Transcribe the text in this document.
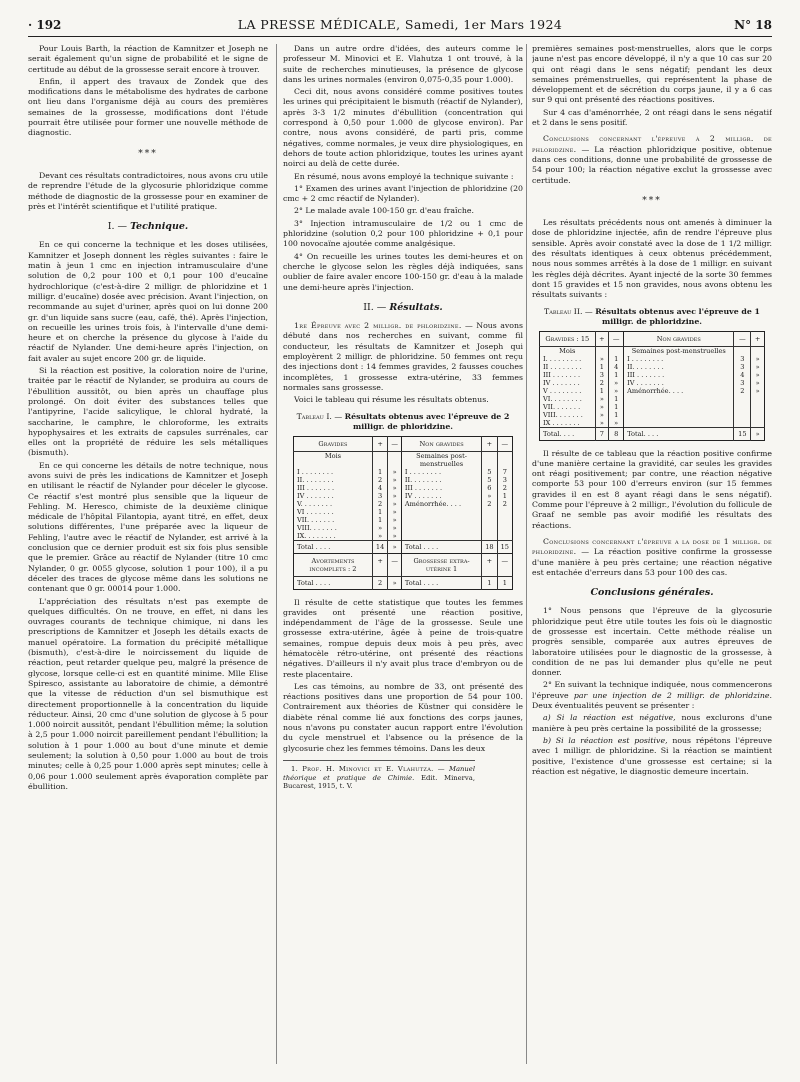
· 192	LA PRESSE MÉDICALE, Samedi, 1er Mars 1924	N° 18

Pour Louis Barth, la réaction de Kamnitzer et Joseph ne serait également qu'un signe de probabilité et le signe de certitude au début de la grossesse serait encore à trouver.

Enfin, il appert des travaux de Zondek que des modifications dans le métabolisme des hydrates de carbone ont lieu dans l'organisme déjà au cours des premières semaines de la grossesse, modifications dont l'étude pourrait être utilisée pour former une nouvelle méthode de diagnostic.

***

Devant ces résultats contradictoires, nous avons cru utile de reprendre l'étude de la glycosurie phloridzique comme méthode de diagnostic de la grossesse pour en examiner de près et l'intérêt scientifique et l'utilité pratique.

I. — Technique.

En ce qui concerne la technique et les doses utilisées, Kamnitzer et Joseph donnent les règles suivantes : faire le matin à jeun 1 cmc en injection intramusculaire d'une solution de 0,2 pour 100 et 0,1 pour 100 d'eucaïne hydrochlorique (c'est-à-dire 2 milligr. de phloridzine et 1 milligr. d'eucaïne) dosée avec précision. Avant l'injection, on recommande au sujet d'uriner, après quoi on lui donne 200 gr. d'un liquide sans sucre (eau, café, thé). Après l'injection, on recueille les urines trois fois, à l'intervalle d'une demi-heure et on cherche la présence du glycose à l'aide du réactif de Nylander. Une demi-heure après l'injection, on fait avaler au sujet encore 200 gr. de liquide.

Si la réaction est positive, la coloration noire de l'urine, traitée par le réactif de Nylander, se produira au cours de l'ébullition aussitôt, ou bien après un chauffage plus prolongé. On doit éviter des substances telles que l'antipyrine, l'acide salicylique, le chloral hydraté, la saccharine, le camphre, le chloroforme, les extraits hypophysaires et les extraits de capsules surrénales, car elles ont la propriété de réduire les sels métalliques (bismuth).

En ce qui concerne les détails de notre technique, nous avons suivi de près les indications de Kamnitzer et Joseph en utilisant le réactif de Nylander pour déceler le glycose. Ce réactif s'est montré plus sensible que la liqueur de Fehling. M. Heresco, chimiste de la deuxième clinique médicale de l'hôpital Filantopia, ayant titré, en effet, deux solutions différentes, l'une préparée avec la liqueur de Fehling, l'autre avec le réactif de Nylander, est arrivé à la conclusion que ce dernier produit est six fois plus sensible que le premier. Grâce au réactif de Nylander (titre 10 cmc Nylander, 0 gr. 0055 glycose, solution 1 pour 100), il a pu déceler des traces de glycose même dans les solutions ne contenant que 0 gr. 00014 pour 1.000.

L'appréciation des résultats n'est pas exempte de quelques difficultés. On ne trouve, en effet, ni dans les ouvrages courants de technique chimique, ni dans les prescriptions de Kamnitzer et Joseph les détails exacts de manuel opératoire. La formation du précipité métallique (bismuth), c'est-à-dire le noircissement du liquide de réaction, peut retarder quelque peu, malgré la présence de glycose, lorsque celle-ci est en quantité minime. Mlle Elise Spiresco, assistante au laboratoire de chimie, a démontré que la vitesse de réduction d'un sel bismuthique est directement proportionnelle à la concentration du liquide réducteur. Ainsi, 20 cmc d'une solution de glycose à 5 pour 1.000 noircit aussitôt, pendant l'ébullition même; la solution à 2,5 pour 1.000 noircit pareillement pendant l'ébullition; la solution à 1 pour 1.000 au bout d'une minute et demie seulement; la solution à 0,50 pour 1.000 au bout de trois minutes; celle à 0,25 pour 1.000 après sept minutes; celle à 0,06 pour 1.000 seulement après évaporation complète par ébullition.

Dans un autre ordre d'idées, des auteurs comme le professeur M. Minovici et E. Vlahutza 1 ont trouvé, à la suite de recherches minutieuses, la présence de glycose dans les urines normales (environ 0,075-0,35 pour 1.000).

Ceci dit, nous avons considéré comme positives toutes les urines qui précipitaient le bismuth (réactif de Nylander), après 3-3 1/2 minutes d'ébullition (concentration qui correspond à 0,50 pour 1.000 de glycose environ). Par contre, nous avons considéré, de parti pris, comme négatives, comme normales, je veux dire physiologiques, en dehors de toute action phloridzique, toutes les urines ayant noirci au delà de cette durée.

En résumé, nous avons employé la technique suivante :

1° Examen des urines avant l'injection de phloridzine (20 cmc + 2 cmc réactif de Nylander).

2° Le malade avale 100-150 gr. d'eau fraîche.

3° Injection intramusculaire de 1/2 ou 1 cmc de phloridzine (solution 0,2 pour 100 phloridzine + 0,1 pour 100 novocaïne ajoutée comme analgésique.

4° On recueille les urines toutes les demi-heures et on cherche le glycose selon les règles déjà indiquées, sans oublier de faire avaler encore 100-150 gr. d'eau à la malade une demi-heure après l'injection.

II. — Résultats.

1re Épreuve avec 2 milligr. de phloridzine. — Nous avons débuté dans nos recherches en suivant, comme fil conducteur, les résultats de Kamnitzer et Joseph qui employèrent 2 milligr. de phloridzine. 50 femmes ont reçu des injections dont : 14 femmes gravides, 2 fausses couches incomplètes, 1 grossesse extra-utérine, 33 femmes normales sans grossesse.

Voici le tableau qui résume les résultats obtenus.

Tableau I. — Résultats obtenus avec l'épreuve de 2 milligr. de phloridzine.
Gravides	+	—	Non gravides	+	—
Mois			Semaines post-menstruelles		
I . . . . . . . .	1	»	I . . . . . . . .	5	7
II. . . . . . . .	2	»	II. . . . . . . .	5	3
III . . . . . . .	4	»	III . . . . . . .	6	2
IV . . . . . . .	3	»	IV . . . . . . .	»	1
V. . . . . . . .	2	»	Aménorrhée. . . .	2	2
VI . . . . . . .	1	»			
VII. . . . . . .	1	»			
VIII. . . . . . .	»	»			
IX. . . . . . . .	»	»			
Total . . . .	14	»	Total . . . .	18	15
Avortements incomplets : 2	+	—	Grossesse extra-utérine 1	+	—
Total . . . .	2	»	Total . . . .	1	1

Il résulte de cette statistique que toutes les femmes gravides ont présenté une réaction positive, indépendamment de l'âge de la grossesse. Seule une grossesse extra-utérine, âgée à peine de trois-quatre semaines, rompue depuis deux mois à peu près, avec hématocèle rétro-utérine, ont présenté des réactions négatives. D'ailleurs il n'y avait plus trace d'embryon ou de reste placentaire.

Les cas témoins, au nombre de 33, ont présenté des réactions positives dans une proportion de 54 pour 100. Contrairement aux théories de Küstner qui considère le diabète rénal comme lié aux fonctions des corps jaunes, nous n'avons pu constater aucun rapport entre l'évolution du cycle menstruel et l'absence ou la présence de la glycosurie chez les femmes témoins. Dans les deux

1. Prof. H. Minovici et E. Vlahutza. — Manuel théorique et pratique de Chimie. Edit. Minerva, Bucarest, 1915, t. V.

premières semaines post-menstruelles, alors que le corps jaune n'est pas encore développé, il n'y a que 10 cas sur 20 qui ont réagi dans le sens négatif; pendant les deux semaines prémenstruelles, qui représentent la phase de développement et de sécrétion du corps jaune, il y a 6 cas sur 9 qui ont présenté des réactions positives.

Sur 4 cas d'aménorrhée, 2 ont réagi dans le sens négatif et 2 dans le sens positif.

Conclusions concernant l'épreuve à 2 milligr. de phloridzine. — La réaction phloridzique positive, obtenue dans ces conditions, donne une probabilité de grossesse de 54 pour 100; la réaction négative exclut la grossesse avec certitude.

***

Les résultats précédents nous ont amenés à diminuer la dose de phloridzine injectée, afin de rendre l'épreuve plus sensible. Après avoir constaté avec la dose de 1 1/2 milligr. des résultats identiques à ceux obtenus précédemment, nous nous sommes arrêtés à la dose de 1 milligr. en suivant les règles déjà décrites. Ayant injecté de la sorte 30 femmes dont 15 gravides et 15 non gravides, nous avons obtenu les résultats suivants :

Tableau II. — Résultats obtenus avec l'épreuve de 1 milligr. de phloridzine.
Gravides : 15	+	—	Non gravides	—	+
Mois			Semaines post-menstruelles		
I. . . . . . . . .	»	1	I . . . . . . . .	3	»
II . . . . . . . .	1	4	II. . . . . . . .	3	»
III . . . . . . .	3	1	III . . . . . . .	4	»
IV . . . . . . .	2	»	IV . . . . . . .	3	»
V . . . . . . . .	1	»	Aménorrhée. . . .	2	»
VI. . . . . . . .	»	1			
VII. . . . . . .	»	1			
VIII. . . . . . .	»	1			
IX . . . . . . .	»	»			
Total. . . .	7	8	Total. . . .	15	»

Il résulte de ce tableau que la réaction positive confirme d'une manière certaine la gravidité, car seules les gravides ont réagi positivement; par contre, une réaction négative comporte 53 pour 100 d'erreurs environ (sur 15 femmes gravides il en est 8 ayant réagi dans le sens négatif). Comme pour l'épreuve à 2 milligr., l'évolution du follicule de Graaf ne semble pas avoir modifié les résultats des réactions.

Conclusions concernant l'épreuve a la dose de 1 milligr. de phloridzine. — La réaction positive confirme la grossesse d'une manière à peu près certaine; une réaction négative est entachée d'erreurs dans 53 pour 100 des cas.

Conclusions générales.

1° Nous pensons que l'épreuve de la glycosurie phloridzique peut être utile toutes les fois où le diagnostic de grossesse est incertain. Cette méthode réalise un progrès sensible, comparée aux autres épreuves de laboratoire utilisées pour le diagnostic de la grossesse, à condition de ne pas lui demander plus qu'elle ne peut donner.

2° En suivant la technique indiquée, nous commencerons l'épreuve par une injection de 2 milligr. de phloridzine. Deux éventualités peuvent se présenter :

a) Si la réaction est négative, nous exclurons d'une manière à peu près certaine la possibilité de la grossesse;

b) Si la réaction est positive, nous répétons l'épreuve avec 1 milligr. de phloridzine. Si la réaction se maintient positive, l'existence d'une grossesse est certaine; si la réaction est négative, le diagnostic demeure incertain.
